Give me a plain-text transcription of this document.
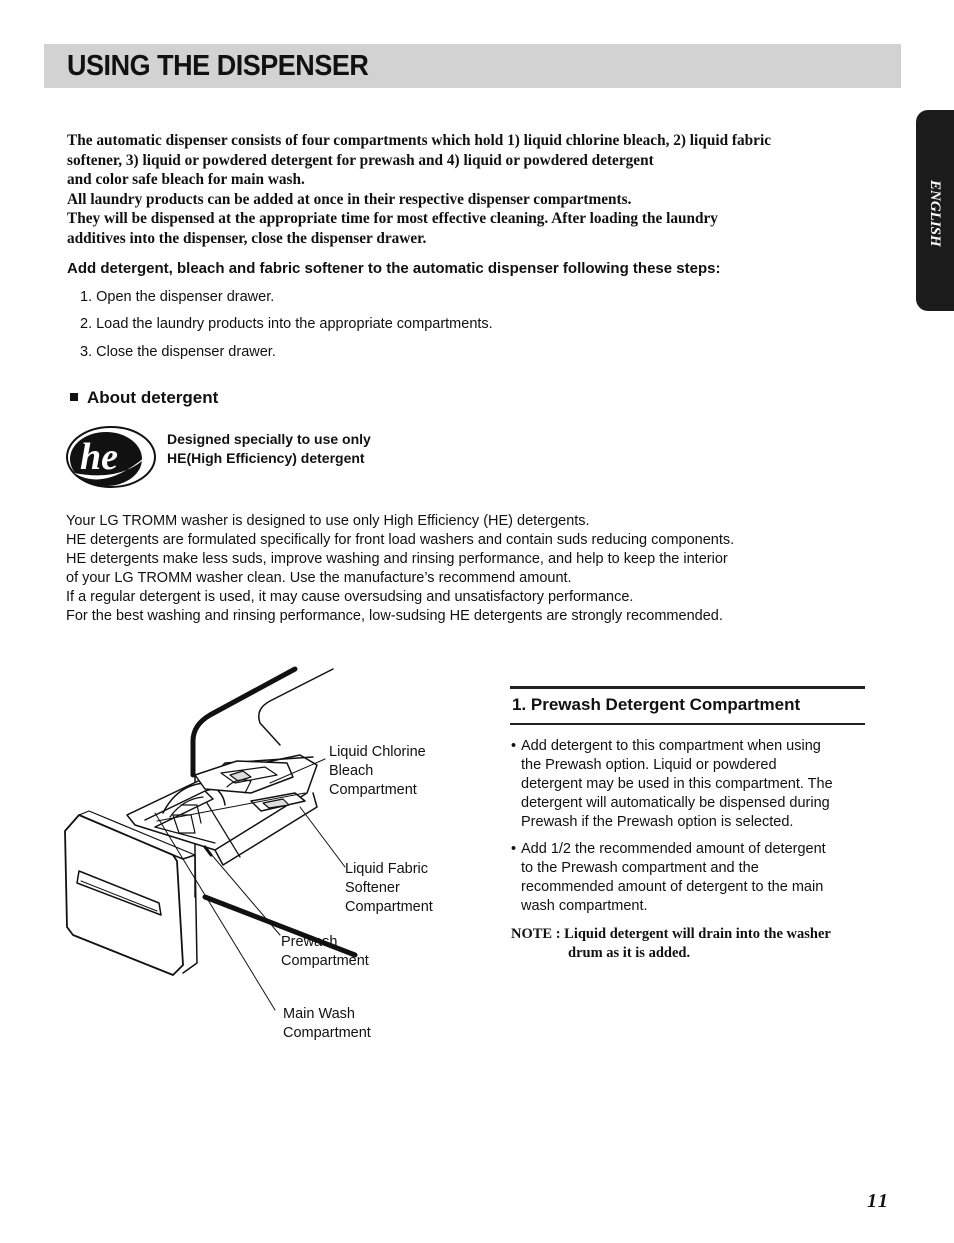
USING THE DISPENSER
ENGLISH

The automatic dispenser consists of four compartments which hold 1) liquid chlorine bleach, 2) liquid fabric

softener, 3) liquid or powdered detergent for prewash and 4) liquid or powdered detergent

and color safe bleach for main wash.

All laundry products can be added at once in their respective dispenser compartments.

They will be dispensed at the appropriate time for most effective cleaning. After loading the laundry

additives into the dispenser, close the dispenser drawer.

Add detergent, bleach and fabric softener to the automatic dispenser following these steps:
1. Open the dispenser drawer.
2. Load the laundry products into the appropriate compartments.
3. Close the dispenser drawer.
About detergent
he	Designed specially to use only

HE(High Efficiency) detergent

Your LG TROMM washer is designed to use only High Efficiency (HE) detergents.

HE detergents are formulated specifically for front load washers and contain suds reducing components.

HE detergents make less suds, improve washing and rinsing performance, and help to keep the interior

of your LG TROMM washer clean. Use the manufacture’s recommend amount.

If a regular detergent is used, it may cause oversudsing and unsatisfactory performance.

For the best washing and rinsing performance, low-sudsing HE detergents are strongly recommended.

Liquid Chlorine

Bleach

Compartment

Liquid Fabric

Softener

Compartment

Prewash

Compartment

Main Wash

Compartment

1. Prewash Detergent Compartment
• Add detergent to this compartment when using

the Prewash option. Liquid or powdered

detergent may be used in this compartment. The

detergent will automatically be dispensed during

Prewash if the Prewash option is selected.

• Add 1/2 the recommended amount of detergent

to the Prewash compartment and the

recommended amount of detergent to the main

wash compartment.

NOTE : Liquid detergent will drain into the washer

drum as it is added.

11
